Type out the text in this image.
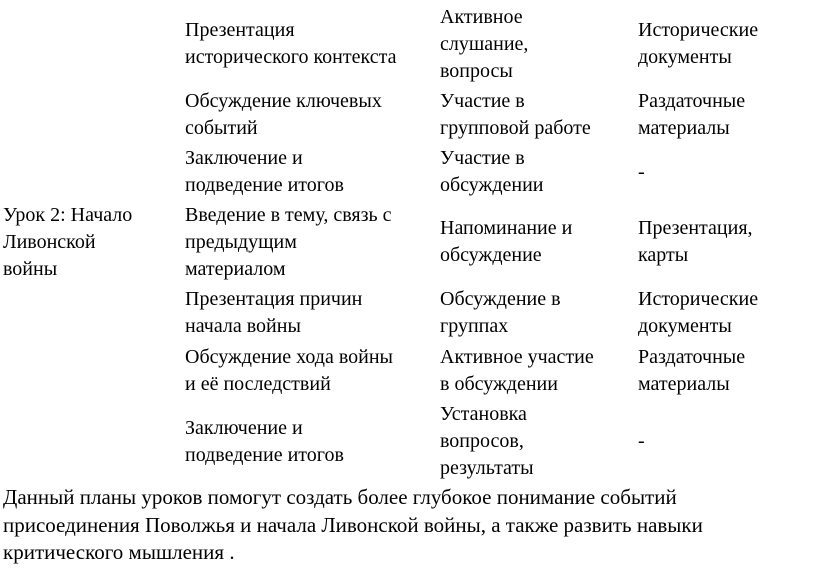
Презентация
исторического контекста
Активное
слушание,
вопросы
Исторические
документы
Обсуждение ключевых
событий
Участие в
групповой работе
Раздаточные
материалы
Заключение и
подведение итогов
Участие в
обсуждении
-
Урок 2: Начало
Ливонской
войны
Введение в тему, связь с
предыдущим
материалом
Напоминание и
обсуждение
Презентация,
карты
Презентация причин
начала войны
Обсуждение в
группах
Исторические
документы
Обсуждение хода войны
и её последствий
Активное участие
в обсуждении
Раздаточные
материалы
Заключение и
подведение итогов
Установка
вопросов,
результаты
-
Данный планы уроков помогут создать более глубокое понимание событий
присоединения Поволжья и начала Ливонской войны, а также развить навыки
критического мышления .
